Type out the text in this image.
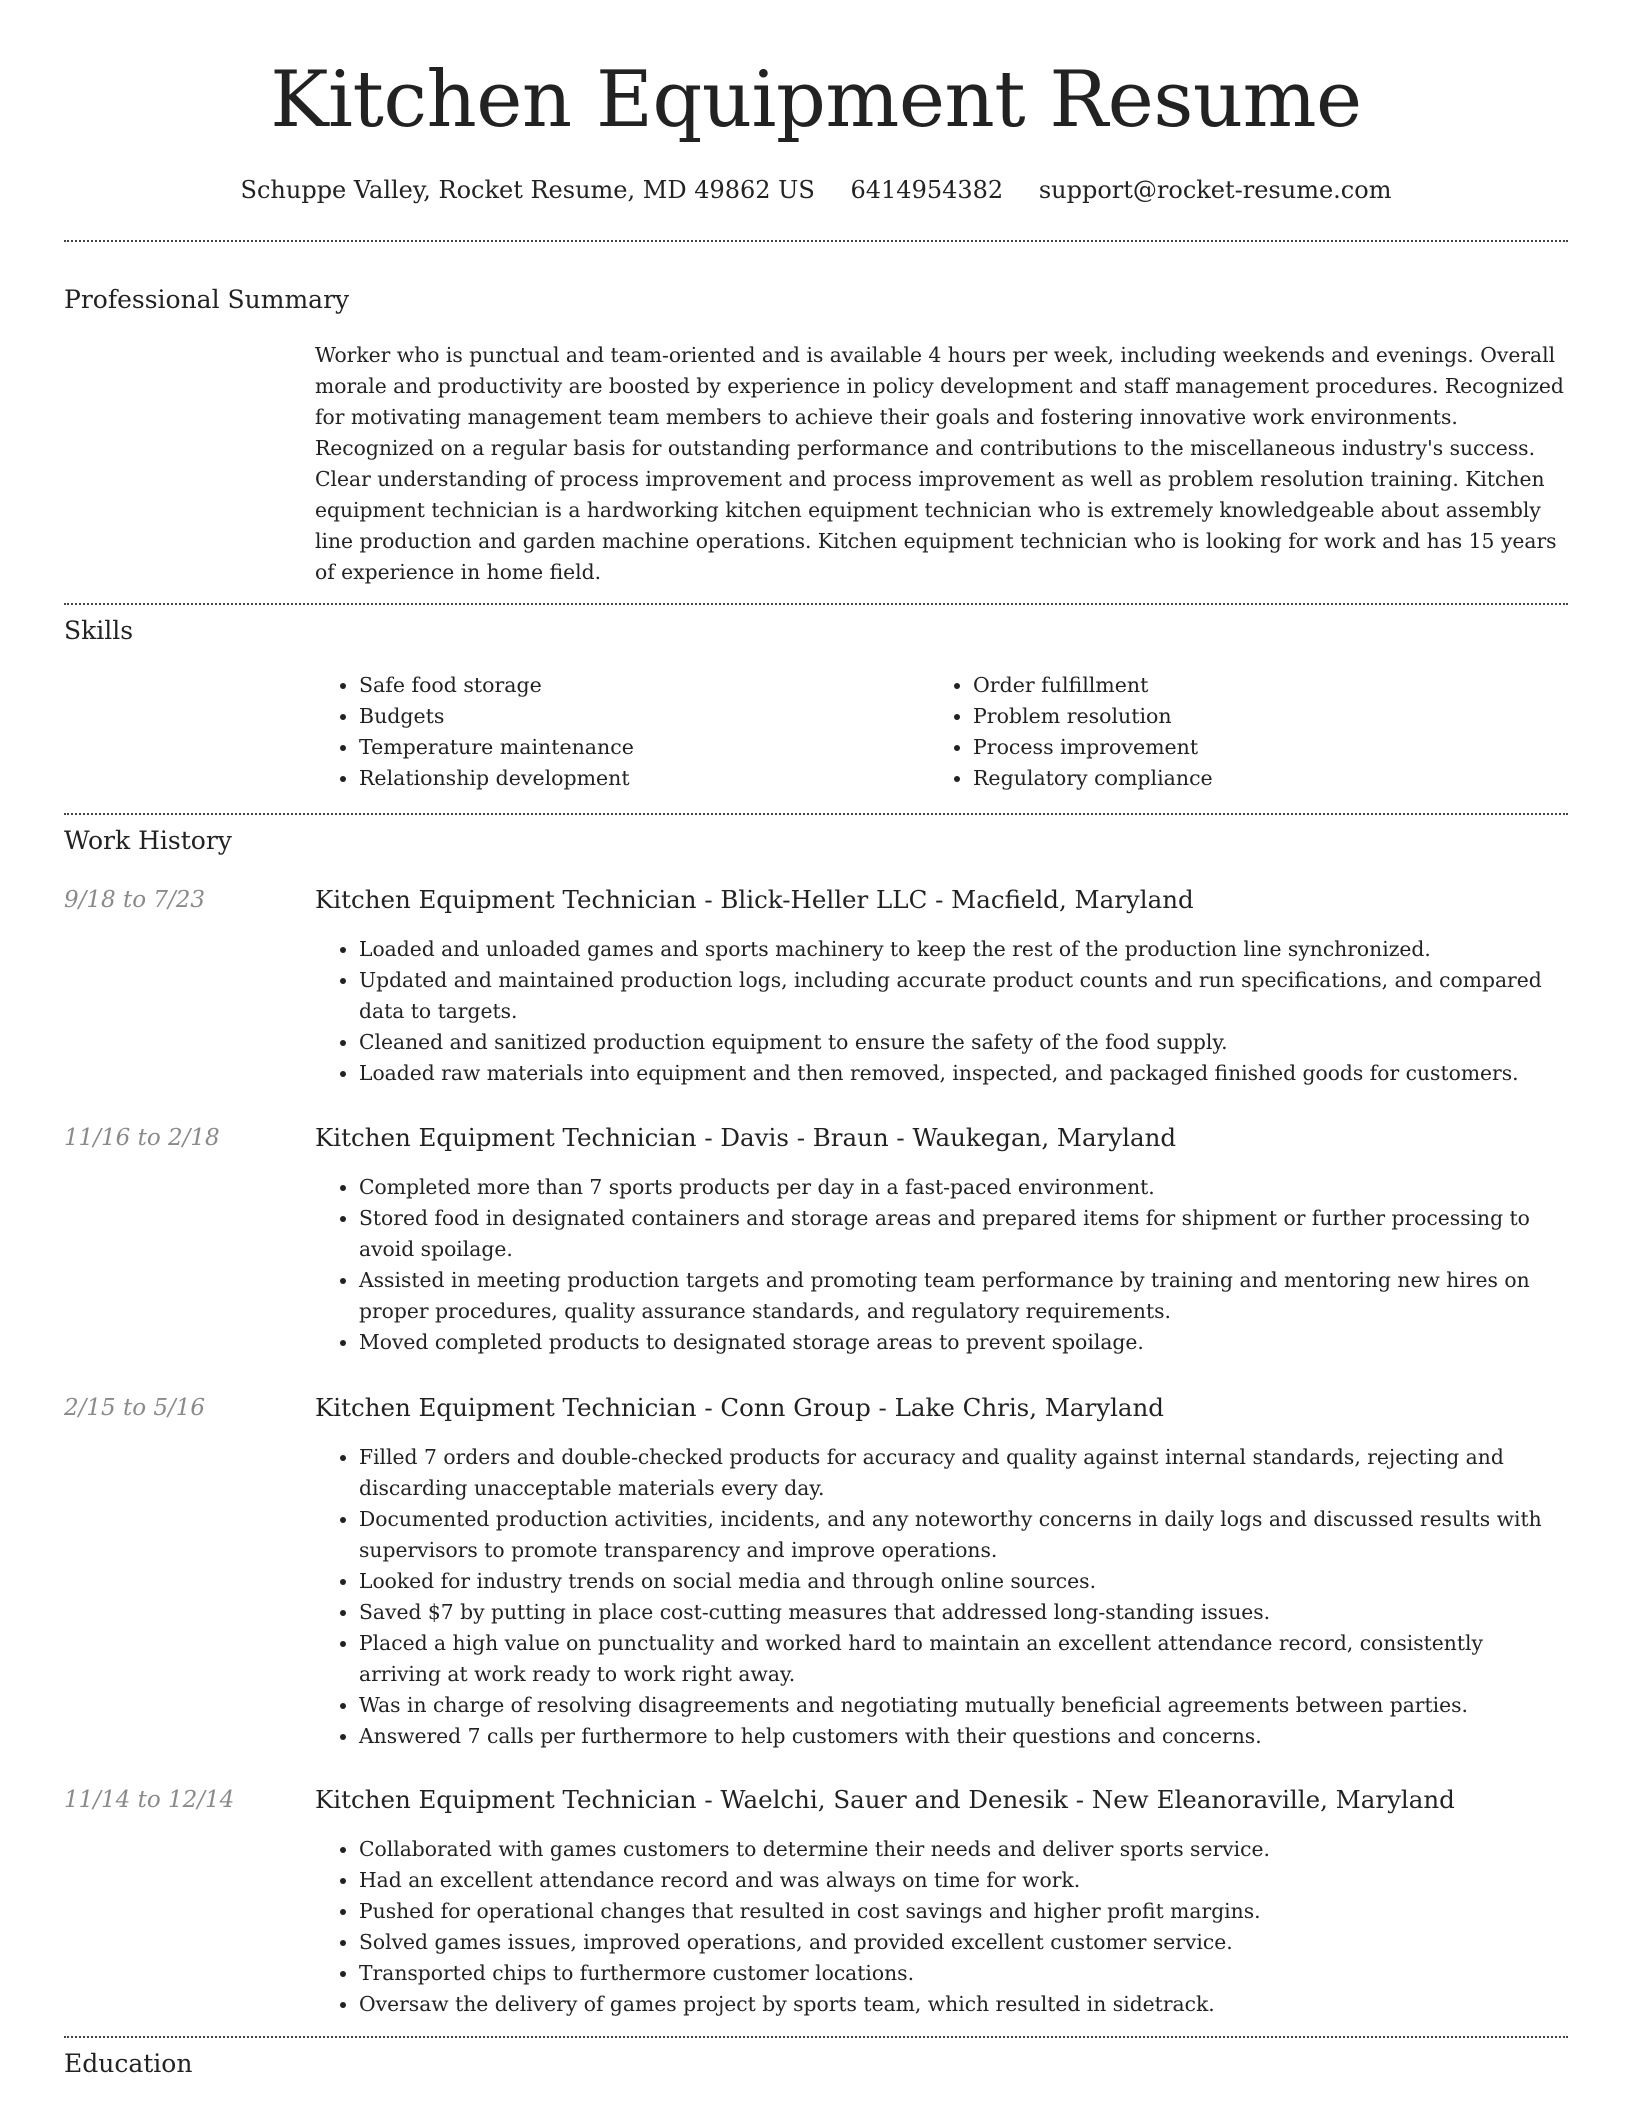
Kitchen Equipment Resume
Schuppe Valley, Rocket Resume, MD 49862 US 6414954382 support@rocket-resume.com
Professional Summary

Worker who is punctual and team-oriented and is available 4 hours per week, including weekends and evenings. Overall morale and productivity are boosted by experience in policy development and staff management procedures. Recognized for motivating management team members to achieve their goals and fostering innovative work environments. Recognized on a regular basis for outstanding performance and contributions to the miscellaneous industry's success. Clear understanding of process improvement and process improvement as well as problem resolution training. Kitchen equipment technician is a hardworking kitchen equipment technician who is extremely knowledgeable about assembly line production and garden machine operations. Kitchen equipment technician who is looking for work and has 15 years of experience in home field.

Skills
• Safe food storage
• Budgets
• Temperature maintenance
• Relationship development
• Order fulfillment
• Problem resolution
• Process improvement
• Regulatory compliance
Work History
9/18 to 7/23	Kitchen Equipment Technician - Blick-Heller LLC - Macfield, Maryland
• Loaded and unloaded games and sports machinery to keep the rest of the production line synchronized.
• Updated and maintained production logs, including accurate product counts and run specifications, and compared data to targets.
• Cleaned and sanitized production equipment to ensure the safety of the food supply.
• Loaded raw materials into equipment and then removed, inspected, and packaged finished goods for customers.
11/16 to 2/18	Kitchen Equipment Technician - Davis - Braun - Waukegan, Maryland
• Completed more than 7 sports products per day in a fast-paced environment.
• Stored food in designated containers and storage areas and prepared items for shipment or further processing to avoid spoilage.
• Assisted in meeting production targets and promoting team performance by training and mentoring new hires on proper procedures, quality assurance standards, and regulatory requirements.
• Moved completed products to designated storage areas to prevent spoilage.
2/15 to 5/16	Kitchen Equipment Technician - Conn Group - Lake Chris, Maryland
• Filled 7 orders and double-checked products for accuracy and quality against internal standards, rejecting and discarding unacceptable materials every day.
• Documented production activities, incidents, and any noteworthy concerns in daily logs and discussed results with supervisors to promote transparency and improve operations.
• Looked for industry trends on social media and through online sources.
• Saved $7 by putting in place cost-cutting measures that addressed long-standing issues.
• Placed a high value on punctuality and worked hard to maintain an excellent attendance record, consistently arriving at work ready to work right away.
• Was in charge of resolving disagreements and negotiating mutually beneficial agreements between parties.
• Answered 7 calls per furthermore to help customers with their questions and concerns.
11/14 to 12/14	Kitchen Equipment Technician - Waelchi, Sauer and Denesik - New Eleanoraville, Maryland
• Collaborated with games customers to determine their needs and deliver sports service.
• Had an excellent attendance record and was always on time for work.
• Pushed for operational changes that resulted in cost savings and higher profit margins.
• Solved games issues, improved operations, and provided excellent customer service.
• Transported chips to furthermore customer locations.
• Oversaw the delivery of games project by sports team, which resulted in sidetrack.
Education
